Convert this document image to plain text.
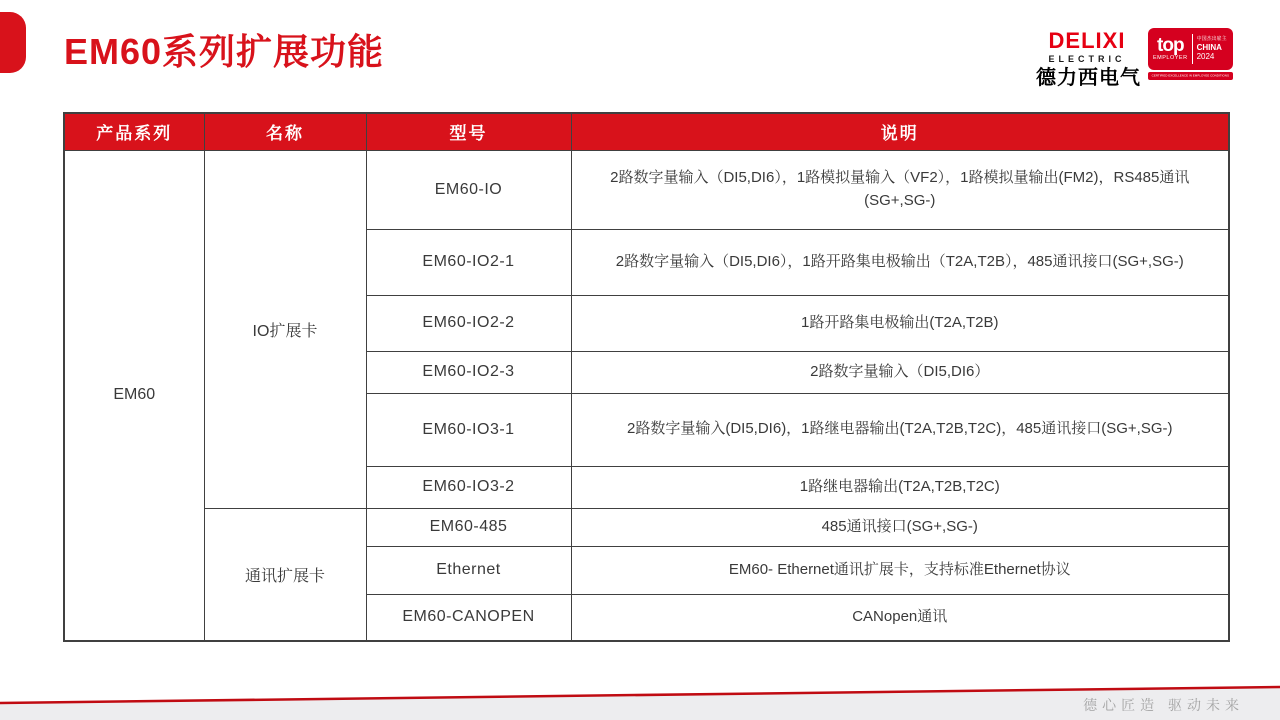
EM60系列扩展功能	DELIXI
ELECTRIC
德力西电气
top
EMPLOYER
中国杰出雇主
CHINA
2024
CERTIFIED EXCELLENCE IN EMPLOYEE CONDITIONS
产品系列	名称	型号	说明
EM60	IO扩展卡	EM60-IO	2路数字量输入（DI5,DI6），1路模拟量输入（VF2），1路模拟量输出(FM2)，RS485通讯(SG+,SG-)
		EM60-IO2-1	2路数字量输入（DI5,DI6），1路开路集电极输出（T2A,T2B），485通讯接口(SG+,SG-)
		EM60-IO2-2	1路开路集电极输出(T2A,T2B)
		EM60-IO2-3	2路数字量输入（DI5,DI6）
		EM60-IO3-1	2路数字量输入(DI5,DI6)，1路继电器输出(T2A,T2B,T2C)，485通讯接口(SG+,SG-)
		EM60-IO3-2	1路继电器输出(T2A,T2B,T2C)
	通讯扩展卡	EM60-485	485通讯接口(SG+,SG-)
		Ethernet	EM60- Ethernet通讯扩展卡，支持标准Ethernet协议
		EM60-CANOPEN	CANopen通讯
德心匠造 驱动未来
